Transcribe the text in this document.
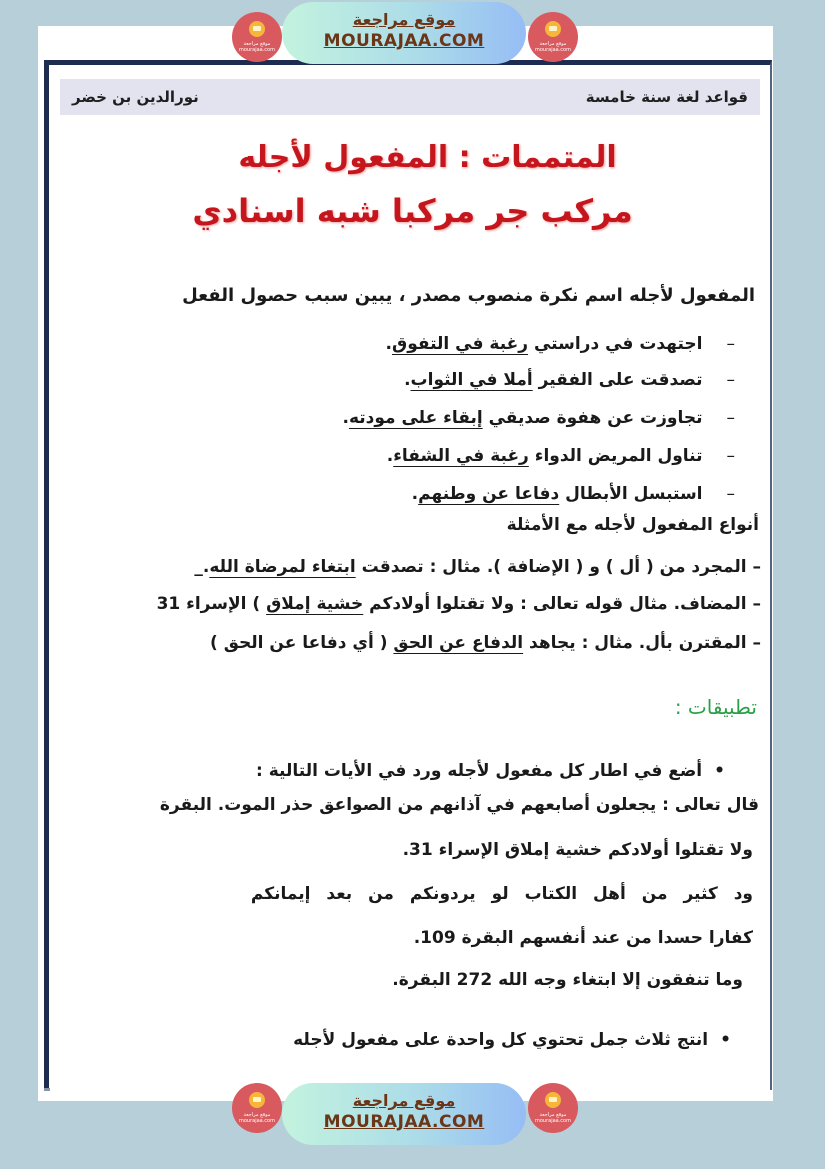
موقع مراجعة
mourajaa.com
موقع مراجعة
MOURAJAA.COM	موقع مراجعة
mourajaa.com
قواعد لغة سنة خامسة
نورالدين بن خضر
المتممات : المفعول لأجله
مركب جر مركبا شبه اسنادي
المفعول لأجله اسم نكرة منصوب مصدر ، يبين سبب حصول الفعل
–اجتهدت في دراستي رغبة في التفوق.
–تصدقت على الفقير أملا في الثواب.
–تجاوزت عن هفوة صديقي إبقاء على مودته.
–تناول المريض الدواء رغبة في الشفاء.
–استبسل الأبطال دفاعا عن وطنهم.
أنواع المفعول لأجله مع الأمثلة
– المجرد من ( أل ) و ( الإضافة ). مثال : تصدقت ابتغاء لمرضاة الله._
– المضاف. مثال قوله تعالى : ولا تقتلوا أولادكم خشية إملاق ) الإسراء 31
– المقترن بأل. مثال : يجاهد الدفاع عن الحق ( أي دفاعا عن الحق )
تطبيقات :
•أضع في اطار كل مفعول لأجله ورد في الأيات التالية :
قال تعالى : يجعلون أصابعهم في آذانهم من الصواعق حذر الموت. البقرة
ولا تقتلوا أولادكم خشية إملاق الإسراء 31.
ود كثير من أهل الكتاب لو يردونكم من بعد إيمانكم
كفارا حسدا من عند أنفسهم البقرة 109.
وما تنفقون إلا ابتغاء وجه الله 272 البقرة.
•انتج ثلاث جمل تحتوي كل واحدة على مفعول لأجله
موقع مراجعة
mourajaa.com
موقع مراجعة
MOURAJAA.COM	موقع مراجعة
mourajaa.com
